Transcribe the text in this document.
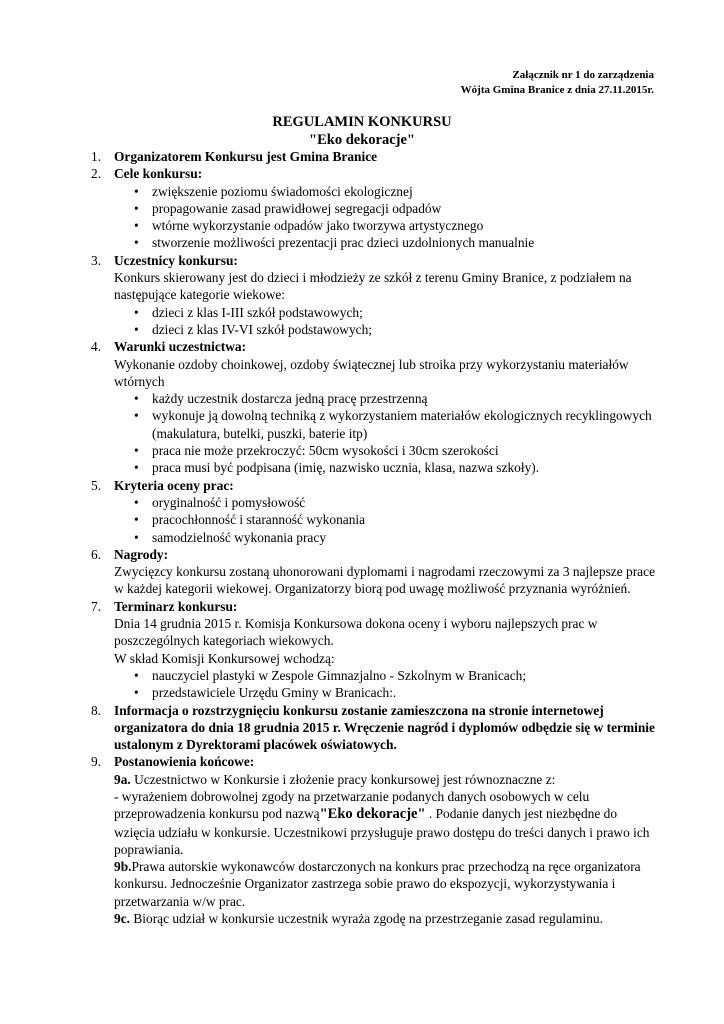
Załącznik nr 1 do zarządzenia
Wójta Gmina Branice z dnia 27.11.2015r.
REGULAMIN KONKURSU
"Eko dekoracje"
1. Organizatorem Konkursu jest Gmina Branice
2. Cele konkursu:
• zwiększenie poziomu świadomości ekologicznej
• propagowanie zasad prawidłowej segregacji odpadów
• wtórne wykorzystanie odpadów jako tworzywa artystycznego
• stworzenie możliwości prezentacji prac dzieci uzdolnionych manualnie
3. Uczestnicy konkursu:
Konkurs skierowany jest do dzieci i młodzieży ze szkół z terenu Gminy Branice, z podziałem na następujące kategorie wiekowe:
• dzieci z klas I-III szkół podstawowych;
• dzieci z klas IV-VI szkół podstawowych;
4. Warunki uczestnictwa:
Wykonanie ozdoby choinkowej, ozdoby świątecznej lub stroika przy wykorzystaniu materiałów wtórnych
• każdy uczestnik dostarcza jedną pracę przestrzenną
• wykonuje ją dowolną techniką z wykorzystaniem materiałów ekologicznych recyklingowych (makulatura, butelki, puszki, baterie itp)
• praca nie może przekroczyć: 50cm wysokości i 30cm szerokości
• praca musi być podpisana (imię, nazwisko ucznia, klasa, nazwa szkoły).
5. Kryteria oceny prac:
• oryginalność i pomysłowość
• pracochłonność i staranność wykonania
• samodzielność wykonania pracy
6. Nagrody:
Zwycięzcy konkursu zostaną uhonorowani dyplomami i nagrodami rzeczowymi za 3 najlepsze prace w każdej kategorii wiekowej. Organizatorzy biorą pod uwagę możliwość przyznania wyróżnień.
7. Terminarz konkursu:
Dnia 14 grudnia 2015 r. Komisja Konkursowa dokona oceny i wyboru najlepszych prac w poszczególnych kategoriach wiekowych.
W skład Komisji Konkursowej wchodzą:
• nauczyciel plastyki w Zespole Gimnazjalno - Szkolnym w Branicach;
• przedstawiciele Urzędu Gminy w Branicach:.
8. Informacja o rozstrzygnięciu konkursu zostanie zamieszczona na stronie internetowej organizatora do dnia 18 grudnia 2015 r. Wręczenie nagród i dyplomów odbędzie się w terminie ustalonym z Dyrektorami placówek oświatowych.
9. Postanowienia końcowe:
9a. Uczestnictwo w Konkursie i złożenie pracy konkursowej jest równoznaczne z:
- wyrażeniem dobrowolnej zgody na przetwarzanie podanych danych osobowych w celu przeprowadzenia konkursu pod nazwą"Eko dekoracje" . Podanie danych jest niezbędne do wzięcia udziału w konkursie. Uczestnikowi przysługuje prawo dostępu do treści danych i prawo ich poprawiania.
9b.Prawa autorskie wykonawców dostarczonych na konkurs prac przechodzą na ręce organizatora konkursu. Jednocześnie Organizator zastrzega sobie prawo do ekspozycji, wykorzystywania i przetwarzania w/w prac.
9c. Biorąc udział w konkursie uczestnik wyraża zgodę na przestrzeganie zasad regulaminu.
